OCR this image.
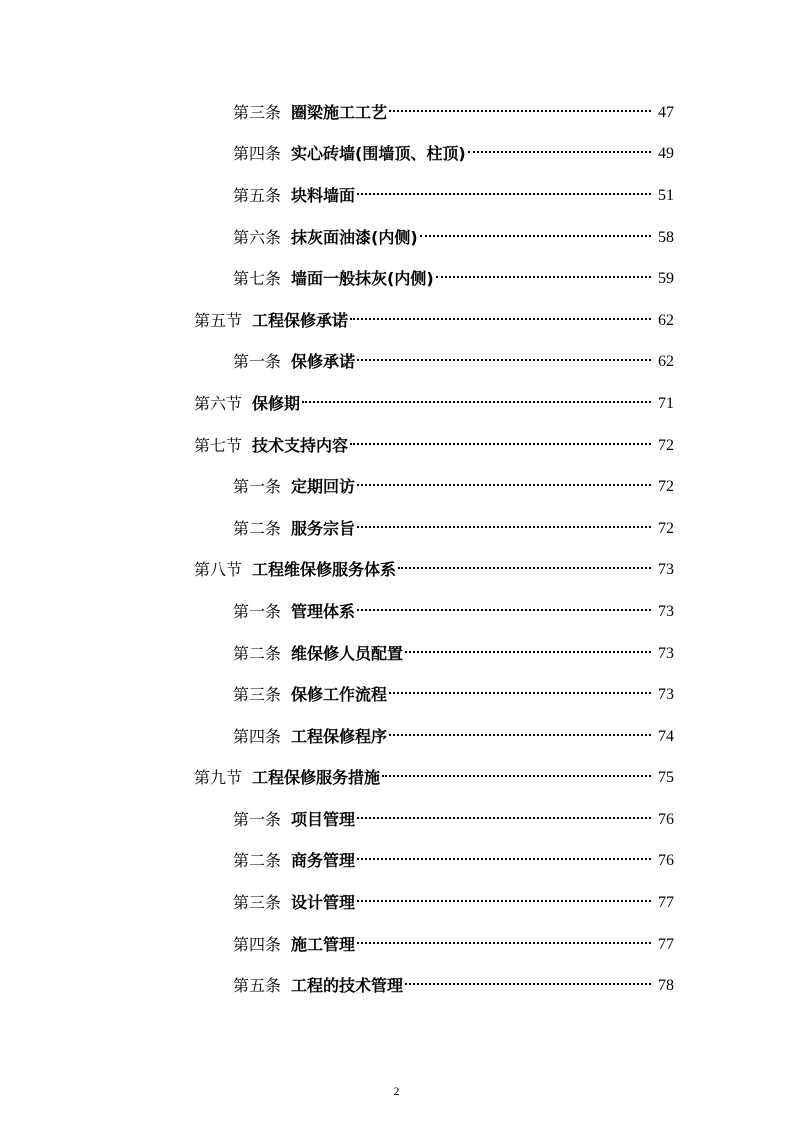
第三条 圈梁施工工艺	47
第四条 实心砖墙(围墙顶、柱顶)	49
第五条 块料墙面	51
第六条 抹灰面油漆(内侧)	58
第七条 墙面一般抹灰(内侧)	59
第五节 工程保修承诺	62
第一条 保修承诺	62
第六节 保修期	71
第七节 技术支持内容	72
第一条 定期回访	72
第二条 服务宗旨	72
第八节 工程维保修服务体系	73
第一条 管理体系	73
第二条 维保修人员配置	73
第三条 保修工作流程	73
第四条 工程保修程序	74
第九节 工程保修服务措施	75
第一条 项目管理	76
第二条 商务管理	76
第三条 设计管理	77
第四条 施工管理	77
第五条 工程的技术管理	78
2
